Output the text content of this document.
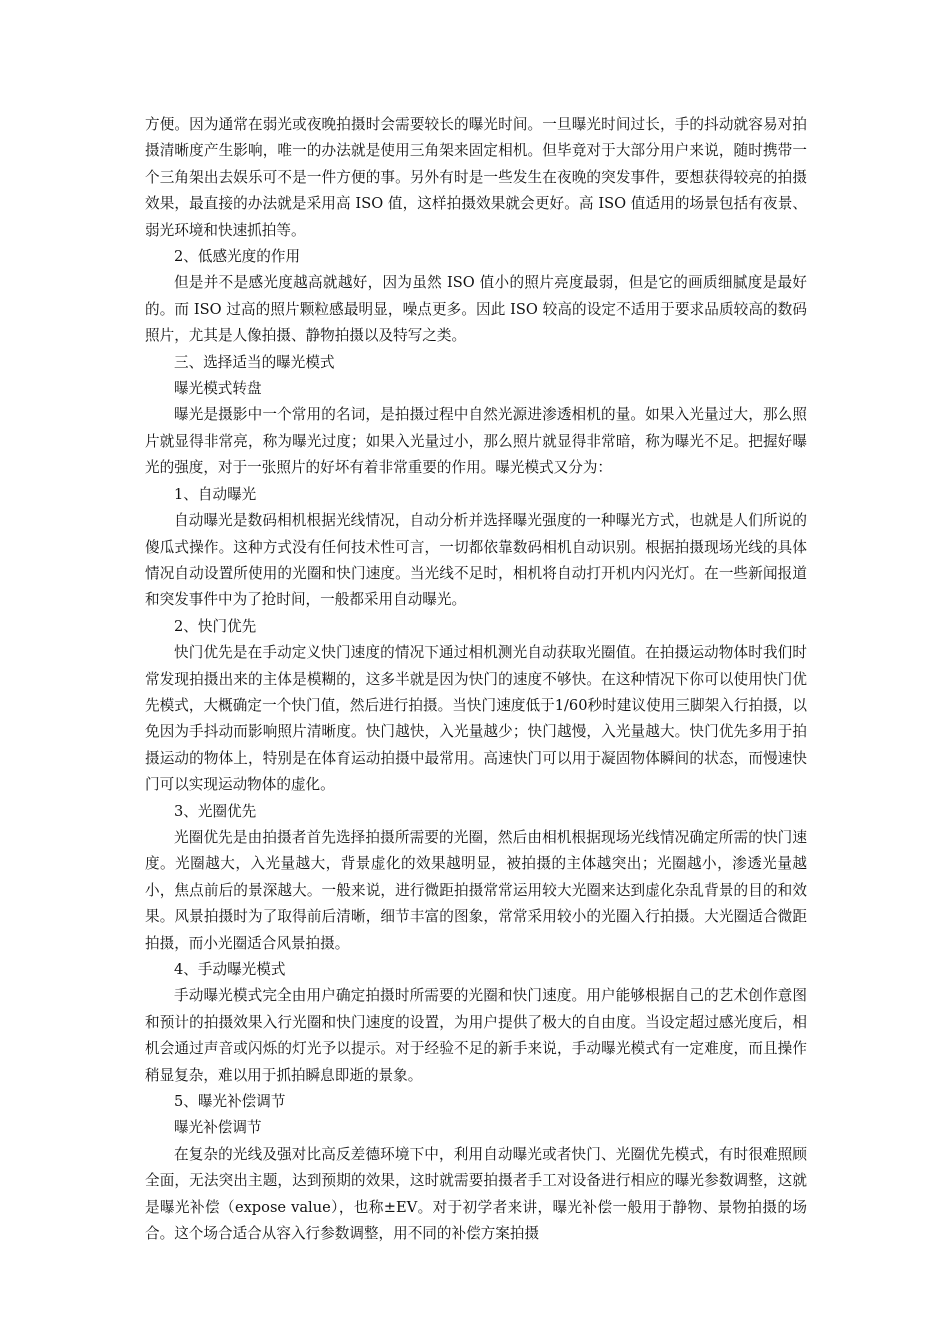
方便。因为通常在弱光或夜晚拍摄时会需要较长的曝光时间。一旦曝光时间过长，手的抖动就容易对拍摄清晰度产生影响，唯一的办法就是使用三角架来固定相机。但毕竟对于大部分用户来说，随时携带一个三角架出去娱乐可不是一件方便的事。另外有时是一些发生在夜晚的突发事件，要想获得较亮的拍摄效果，最直接的办法就是采用高 ISO 值，这样拍摄效果就会更好。高 ISO 值适用的场景包括有夜景、弱光环境和快速抓拍等。

2、低感光度的作用

但是并不是感光度越高就越好，因为虽然 ISO 值小的照片亮度最弱，但是它的画质细腻度是最好的。而 ISO 过高的照片颗粒感最明显，噪点更多。因此 ISO 较高的设定不适用于要求品质较高的数码照片，尤其是人像拍摄、静物拍摄以及特写之类。

三、选择适当的曝光模式

曝光模式转盘

曝光是摄影中一个常用的名词，是拍摄过程中自然光源进渗透相机的量。如果入光量过大，那么照片就显得非常亮，称为曝光过度；如果入光量过小，那么照片就显得非常暗，称为曝光不足。把握好曝光的强度，对于一张照片的好坏有着非常重要的作用。曝光模式又分为：

1、自动曝光

自动曝光是数码相机根据光线情况，自动分析并选择曝光强度的一种曝光方式，也就是人们所说的傻瓜式操作。这种方式没有任何技术性可言，一切都依靠数码相机自动识别。根据拍摄现场光线的具体情况自动设置所使用的光圈和快门速度。当光线不足时，相机将自动打开机内闪光灯。在一些新闻报道和突发事件中为了抢时间，一般都采用自动曝光。

2、快门优先

快门优先是在手动定义快门速度的情况下通过相机测光自动获取光圈值。在拍摄运动物体时我们时常发现拍摄出来的主体是模糊的，这多半就是因为快门的速度不够快。在这种情况下你可以使用快门优先模式，大概确定一个快门值，然后进行拍摄。当快门速度低于1/60秒时建议使用三脚架入行拍摄，以免因为手抖动而影响照片清晰度。快门越快，入光量越少；快门越慢，入光量越大。快门优先多用于拍摄运动的物体上，特别是在体育运动拍摄中最常用。高速快门可以用于凝固物体瞬间的状态，而慢速快门可以实现运动物体的虚化。

3、光圈优先

光圈优先是由拍摄者首先选择拍摄所需要的光圈，然后由相机根据现场光线情况确定所需的快门速度。光圈越大，入光量越大，背景虚化的效果越明显，被拍摄的主体越突出；光圈越小，渗透光量越小，焦点前后的景深越大。一般来说，进行微距拍摄常常运用较大光圈来达到虚化杂乱背景的目的和效果。风景拍摄时为了取得前后清晰，细节丰富的图象，常常采用较小的光圈入行拍摄。大光圈适合微距拍摄，而小光圈适合风景拍摄。

4、手动曝光模式

手动曝光模式完全由用户确定拍摄时所需要的光圈和快门速度。用户能够根据自己的艺术创作意图和预计的拍摄效果入行光圈和快门速度的设置，为用户提供了极大的自由度。当设定超过感光度后，相机会通过声音或闪烁的灯光予以提示。对于经验不足的新手来说，手动曝光模式有一定难度，而且操作稍显复杂，难以用于抓拍瞬息即逝的景象。

5、曝光补偿调节

曝光补偿调节

在复杂的光线及强对比高反差德环境下中，利用自动曝光或者快门、光圈优先模式，有时很难照顾全面，无法突出主题，达到预期的效果，这时就需要拍摄者手工对设备进行相应的曝光参数调整，这就是曝光补偿（expose value），也称±EV。对于初学者来讲，曝光补偿一般用于静物、景物拍摄的场合。这个场合适合从容入行参数调整，用不同的补偿方案拍摄
